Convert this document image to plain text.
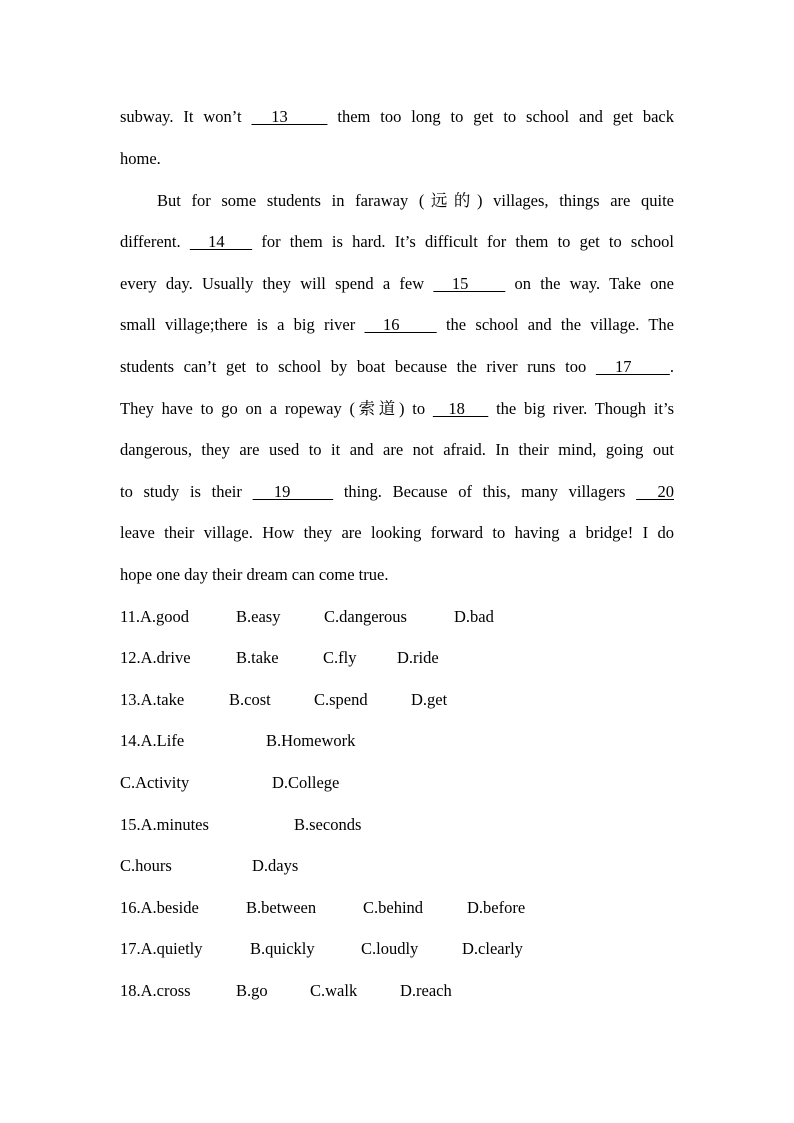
subway. It won’t   13     them too long to get to school and get back
home.
But for some students in faraway (远的) villages, things are quite
different.   14    for them is hard. It’s difficult for them to get to school
every day. Usually they will spend a few   15     on the way. Take one
small village;there is a big river   16     the school and the village. The
students can’t get to school by boat because the river runs too   17    .
They have to go on a ropeway (索道) to   18    the big river. Though it’s
dangerous, they are used to it and are not afraid. In their mind, going out
to study is their   19     thing. Because of this, many villagers   20
leave their village. How they are looking forward to having a bridge! I do
hope one day their dream can come true.
11.A.good	B.easy	C.dangerous	D.bad
12.A.drive	B.take	C.fly D.ride
13.A.take	B.cost	C.spend	D.get
14.A.Life	B.Homework
C.Activity	D.College
15.A.minutes	B.seconds
C.hours	D.days
16.A.beside	B.between	C.behind	D.before
17.A.quietly	B.quickly	C.loudly	D.clearly
18.A.cross	B.go	C.walk	D.reach
